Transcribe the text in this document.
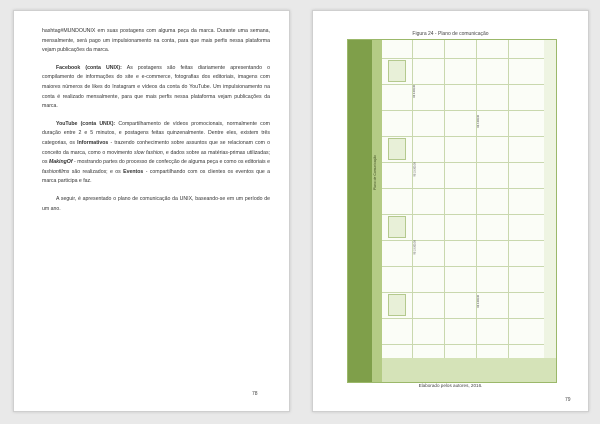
hashtag#MUNDOUNIX em suas postagens com alguma peça da marca. Durante uma semana, mensalmente, será pago um impulsionamento na conta, para que mais perfis nessa plataforma vejam publicações da marca.

Facebook (conta UNIX): As postagens são feitas diariamente apresentando o compilamento de informações do site e e-commerce, fotografias dos editoriais, imagens com maiores números de likes do Instagram e vídeos da conta do YouTube. Um impulsionamento na conta é realizado mensalmente, para que mais perfis nessa plataforma vejam publicações da marca.

YouTube (conta UNIX): Compartilhamento de vídeos promocionais, normalmente com duração entre 2 e 5 minutos, e postagens feitas quinzenalmente. Dentre eles, existem três categorias, os Informativos - trazendo conhecimento sobre assuntos que se relacionam com o conceito da marca, como o movimento slow fashion, e dados sobre as matérias-primas utilizadas; os MakingOf - mostrando partes do processo de confecção de alguma peça e como os editoriais e fashionfilms são realizados; e os Eventos - compartilhando com os clientes os eventos que a marca participa e faz.

A seguir, é apresentado o plano de comunicação da UNIX, baseando-se em um período de um ano.

78
Figura 24 - Plano de comunicação
Plano de Comunicação
R$ 3.000,00
R$ 15.000,00
R$ 10.000,00
R$ 4.000,00
R$ 3.000,00
Elaborado pelos autores, 2016.
79
